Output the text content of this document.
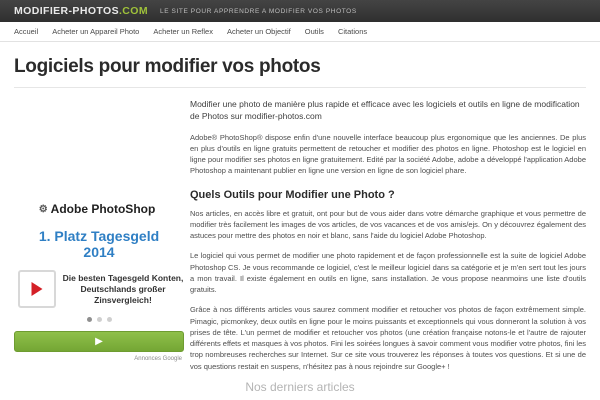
MODIFIER-PHOTOS.COM LE SITE POUR APPRENDRE A MODIFIER VOS PHOTOS
Accueil Acheter un Appareil Photo Acheter un Reflex Acheter un Objectif Outils Citations
Logiciels pour modifier vos photos
⚙ Adobe PhotoShop
1. Platz Tagesgeld
2014
Die besten Tagesgeld Konten, Deutschlands großer Zinsvergleich!
▶
Annonces Google

Modifier une photo de manière plus rapide et efficace avec les logiciels et outils en ligne de modification de Photos sur modifier-photos.com

Adobe® PhotoShop® dispose enfin d'une nouvelle interface beaucoup plus ergonomique que les anciennes. De plus en plus d'outils en ligne gratuits permettent de retoucher et modifier des photos en ligne. Photoshop est le logiciel en ligne pour modifier ses photos en ligne gratuitement. Edité par la société Adobe, adobe a développé l'application Adobe Photoshop a maintenant publier en ligne une version en ligne de son logiciel phare.

Quels Outils pour Modifier une Photo ?

Nos articles, en accès libre et gratuit, ont pour but de vous aider dans votre démarche graphique et vous permettre de modifier très facilement les images de vos articles, de vos vacances et de vos amis/ejs. On y découvrez également des astuces pour mettre des photos en noir et blanc, sans l'aide du logiciel Adobe Photoshop.

Le logiciel qui vous permet de modifier une photo rapidement et de façon professionnelle est la suite de logiciel Adobe Photoshop CS. Je vous recommande ce logiciel, c'est le meilleur logiciel dans sa catégorie et je m'en sert tout les jours a mon travail. Il existe également en outils en ligne, sans installation. Je vous propose neanmoins une liste d'outils gratuits.

Grâce à nos différents articles vous saurez comment modifier et retoucher vos photos de façon extrêmement simple. Pimagic, picmonkey, deux outils en ligne pour le moins puissants et exceptionnels qui vous donneront la solution à vos prises de tête. L'un permet de modifier et retoucher vos photos (une création française notons-le et l'autre de rajouter différents effets et masques à vos photos. Fini les soirées longues à savoir comment vous modifier votre photos, fini les trop nombreuses recherches sur Internet. Sur ce site vous trouverez les réponses à toutes vos questions. Et si une de vos questions restait en suspens, n'hésitez pas à nous rejoindre sur Google+ !

Nos derniers articles
